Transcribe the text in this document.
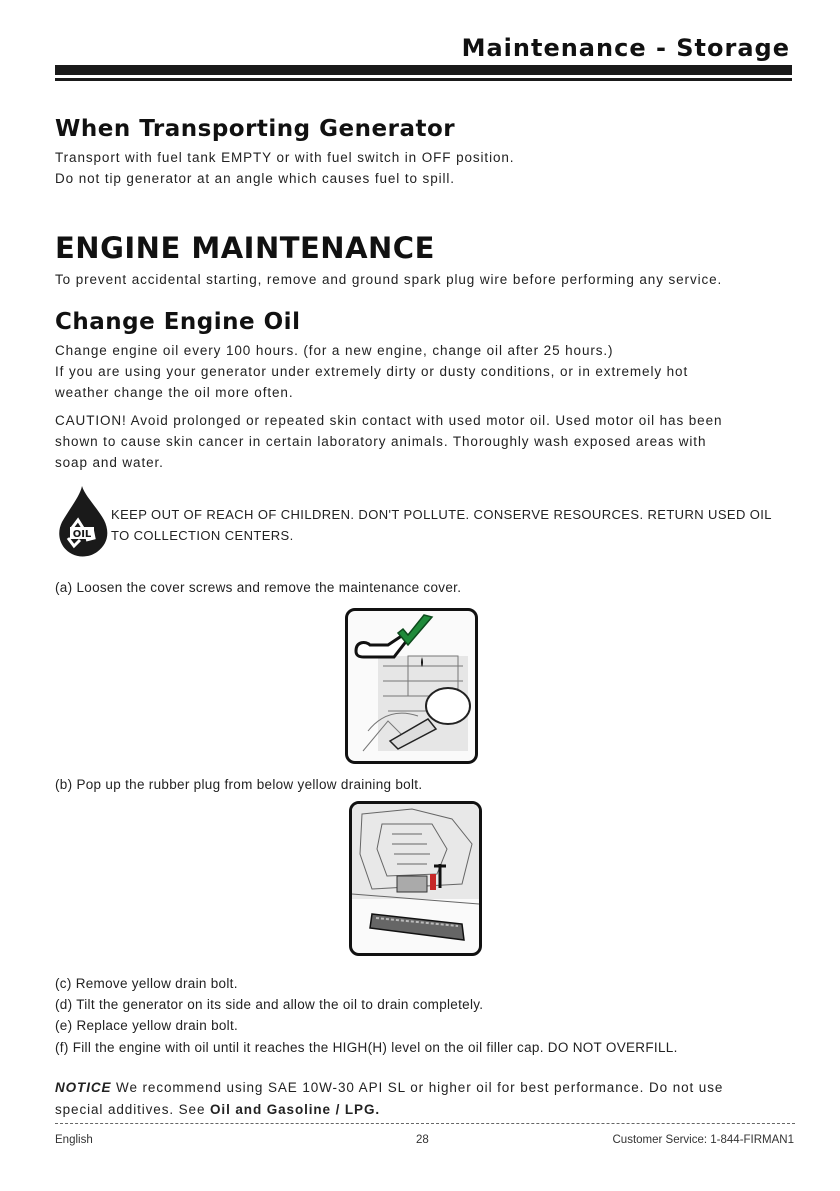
Maintenance - Storage
When Transporting Generator
Transport with fuel tank EMPTY or with fuel switch in OFF position.
Do not tip generator at an angle which causes fuel to spill.
ENGINE MAINTENANCE
To prevent accidental starting, remove and ground spark plug wire before performing any service.
Change Engine Oil
Change engine oil every 100 hours. (for a new engine, change oil after 25 hours.)
If you are using your generator under extremely dirty or dusty conditions, or in extremely hot
weather change the oil more often.
CAUTION! Avoid prolonged or repeated skin contact with used motor oil. Used motor oil has been
shown to cause skin cancer in certain laboratory animals. Thoroughly wash exposed areas with
soap and water.
OIL
KEEP OUT OF REACH OF CHILDREN. DON'T POLLUTE. CONSERVE RESOURCES. RETURN USED OIL
TO COLLECTION CENTERS.
(a) Loosen the cover screws and remove the maintenance cover.
(b) Pop up the rubber plug from below yellow draining bolt.
(c) Remove yellow drain bolt.
(d) Tilt the generator on its side and allow the oil to drain completely.
(e) Replace yellow drain bolt.
(f) Fill the engine with oil until it reaches the HIGH(H) level on the oil filler cap. DO NOT OVERFILL.
NOTICE We recommend using SAE 10W-30 API SL or higher oil for best performance. Do not use
special additives. See Oil and Gasoline / LPG.
English	28	Customer Service: 1-844-FIRMAN1
